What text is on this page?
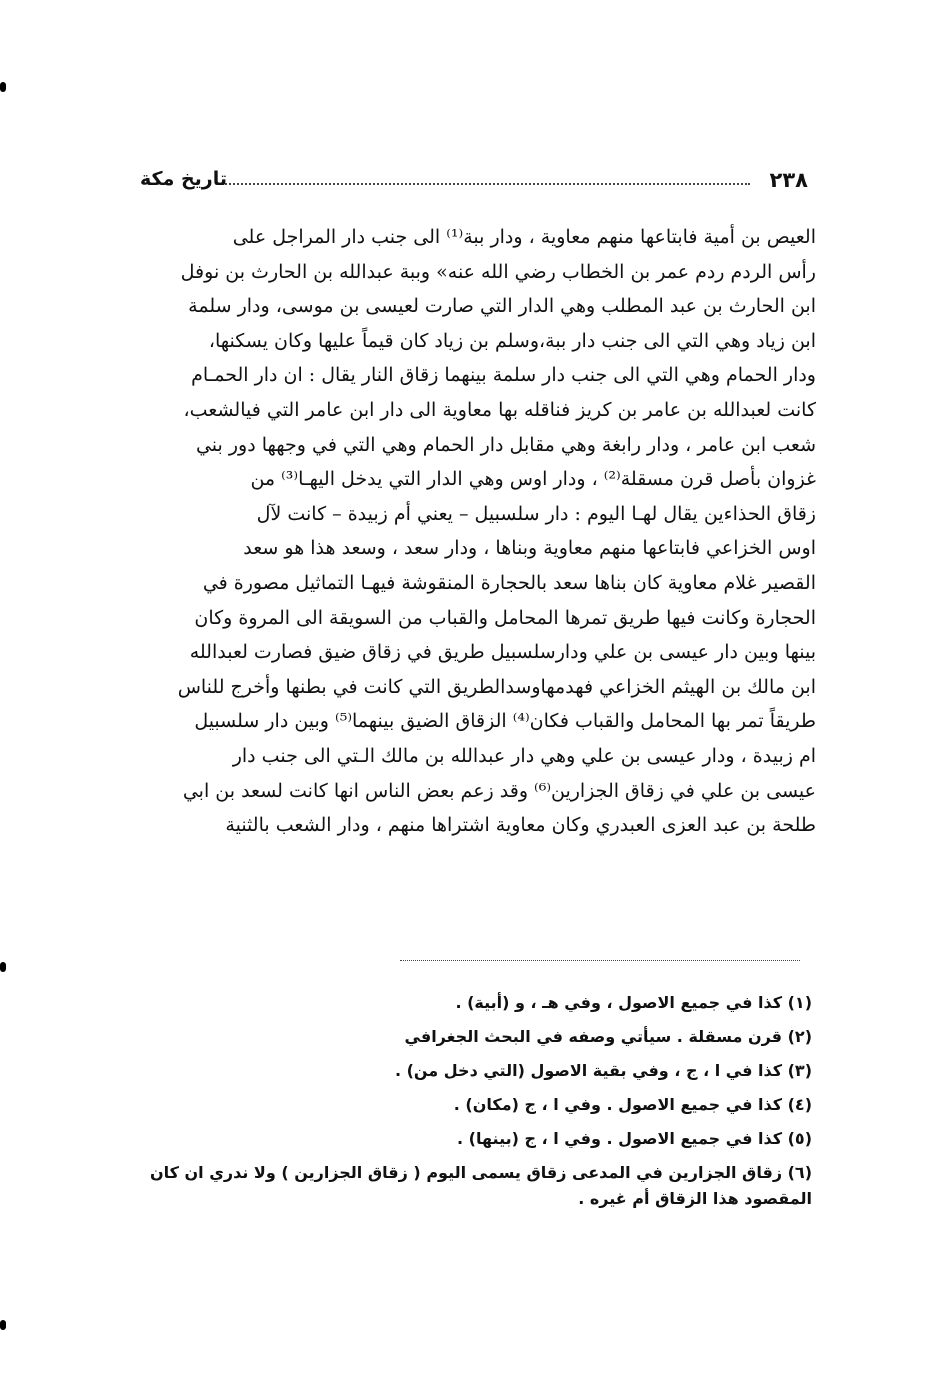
٢٣٨
تاريخ مكة
العيص بن أمية فابتاعها منهم معاوية ، ودار ببة⁽¹⁾ الى جنب دار المراجل على
رأس الردم ردم عمر بن الخطاب رضي الله عنه» وببة عبدالله بن الحارث بن نوفل
ابن الحارث بن عبد المطلب وهي الدار التي صارت لعيسى بن موسى، ودار سلمة
ابن زياد وهي التي الى جنب دار ببة،وسلم بن زياد كان قيماً عليها وكان يسكنها،
ودار الحمام وهي التي الى جنب دار سلمة بينهما زقاق النار يقال : ان دار الحمـام
كانت لعبدالله بن عامر بن كريز فناقله بها معاوية الى دار ابن عامر التي فيالشعب،
شعب ابن عامر ، ودار رابغة وهي مقابل دار الحمام وهي التي في وجهها دور بني
غزوان بأصل قرن مسقلة⁽²⁾ ، ودار اوس وهي الدار التي يدخل اليهـا⁽³⁾ من
زقاق الحذاءين يقال لهـا اليوم : دار سلسبيل – يعني أم زبيدة – كانت لآل
اوس الخزاعي فابتاعها منهم معاوية وبناها ، ودار سعد ، وسعد هذا هو سعد
القصير غلام معاوية كان بناها سعد بالحجارة المنقوشة فيهـا التماثيل مصورة في
الحجارة وكانت فيها طريق تمرها المحامل والقباب من السويقة الى المروة وكان
بينها وبين دار عيسى بن علي ودارسلسبيل طريق في زقاق ضيق فصارت لعبدالله
ابن مالك بن الهيثم الخزاعي فهدمهاوسدالطريق التي كانت في بطنها وأخرج للناس
طريقاً تمر بها المحامل والقباب فكان⁽⁴⁾ الزقاق الضيق بينهما⁽⁵⁾ وبين دار سلسبيل
ام زبيدة ، ودار عيسى بن علي وهي دار عبدالله بن مالك الـتي الى جنب دار
عيسى بن علي في زقاق الجزارين⁽⁶⁾ وقد زعم بعض الناس انها كانت لسعد بن ابي
طلحة بن عبد العزى العبدري وكان معاوية اشتراها منهم ، ودار الشعب بالثنية
(١) كذا في جميع الاصول ، وفي هـ ، و (أبية) .
(٢) قرن مسقلة . سيأتي وصفه في البحث الجغرافي
(٣) كذا في ا ، ج ، وفي بقية الاصول (التي دخل من) .
(٤) كذا في جميع الاصول . وفي ا ، ج (مكان) .
(٥) كذا في جميع الاصول . وفي ا ، ج (بينها) .
(٦) زقاق الجزارين في المدعى زقاق يسمى اليوم ( زقاق الجزارين ) ولا ندري ان كان المقصود هذا الزقاق أم غيره .
